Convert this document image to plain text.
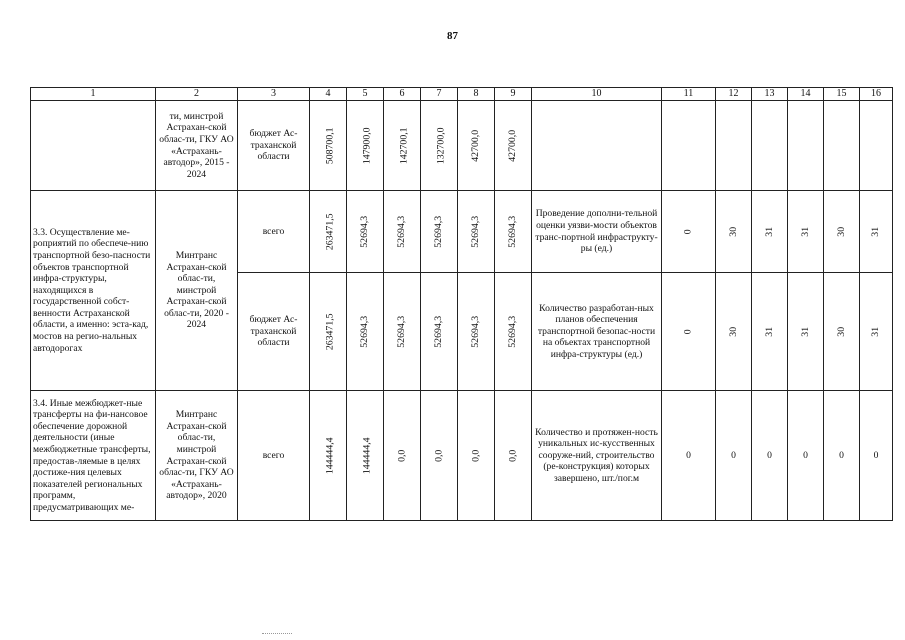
87
1	2	3	4	5	6	7	8	9	10	11	12	13	14	15	16
	ти, минстрой Астрахан-ской облас-ти, ГКУ АО «Астрахань-автодор», 2015 - 2024	бюджет Ас-траханской области	508700,1	147900,0	142700,1	132700,0	42700,0	42700,0							
3.3. Осуществление ме-роприятий по обеспече-нию транспортной безо-пасности объектов транспортной инфра-структуры, находящихся в государственной собст-венности Астраханской области, а именно: эста-кад, мостов на регио-нальных автодорогах	Минтранс Астрахан-ской облас-ти, минстрой Астрахан-ской облас-ти, 2020 - 2024	всего	263471,5	52694,3	52694,3	52694,3	52694,3	52694,3	Проведение дополни-тельной оценки уязви-мости объектов транс-портной инфраструкту-ры (ед.)	0	30	31	31	30	31
		бюджет Ас-траханской области	263471,5	52694,3	52694,3	52694,3	52694,3	52694,3	Количество разработан-ных планов обеспечения транспортной безопас-ности на объектах транспортной инфра-структуры (ед.)	0	30	31	31	30	31
3.4. Иные межбюджет-ные трансферты на фи-нансовое обеспечение дорожной деятельности (иные межбюджетные трансферты, предостав-ляемые в целях достиже-ния целевых показателей региональных программ, предусматривающих ме-	Минтранс Астрахан-ской облас-ти, минстрой Астрахан-ской облас-ти, ГКУ АО «Астрахань-автодор», 2020	всего	144444,4	144444,4	0,0	0,0	0,0	0,0	Количество и протяжен-ность уникальных ис-кусственных сооруже-ний, строительство (ре-конструкция) которых завершено, шт./пог.м	0	0	0	0	0	0
